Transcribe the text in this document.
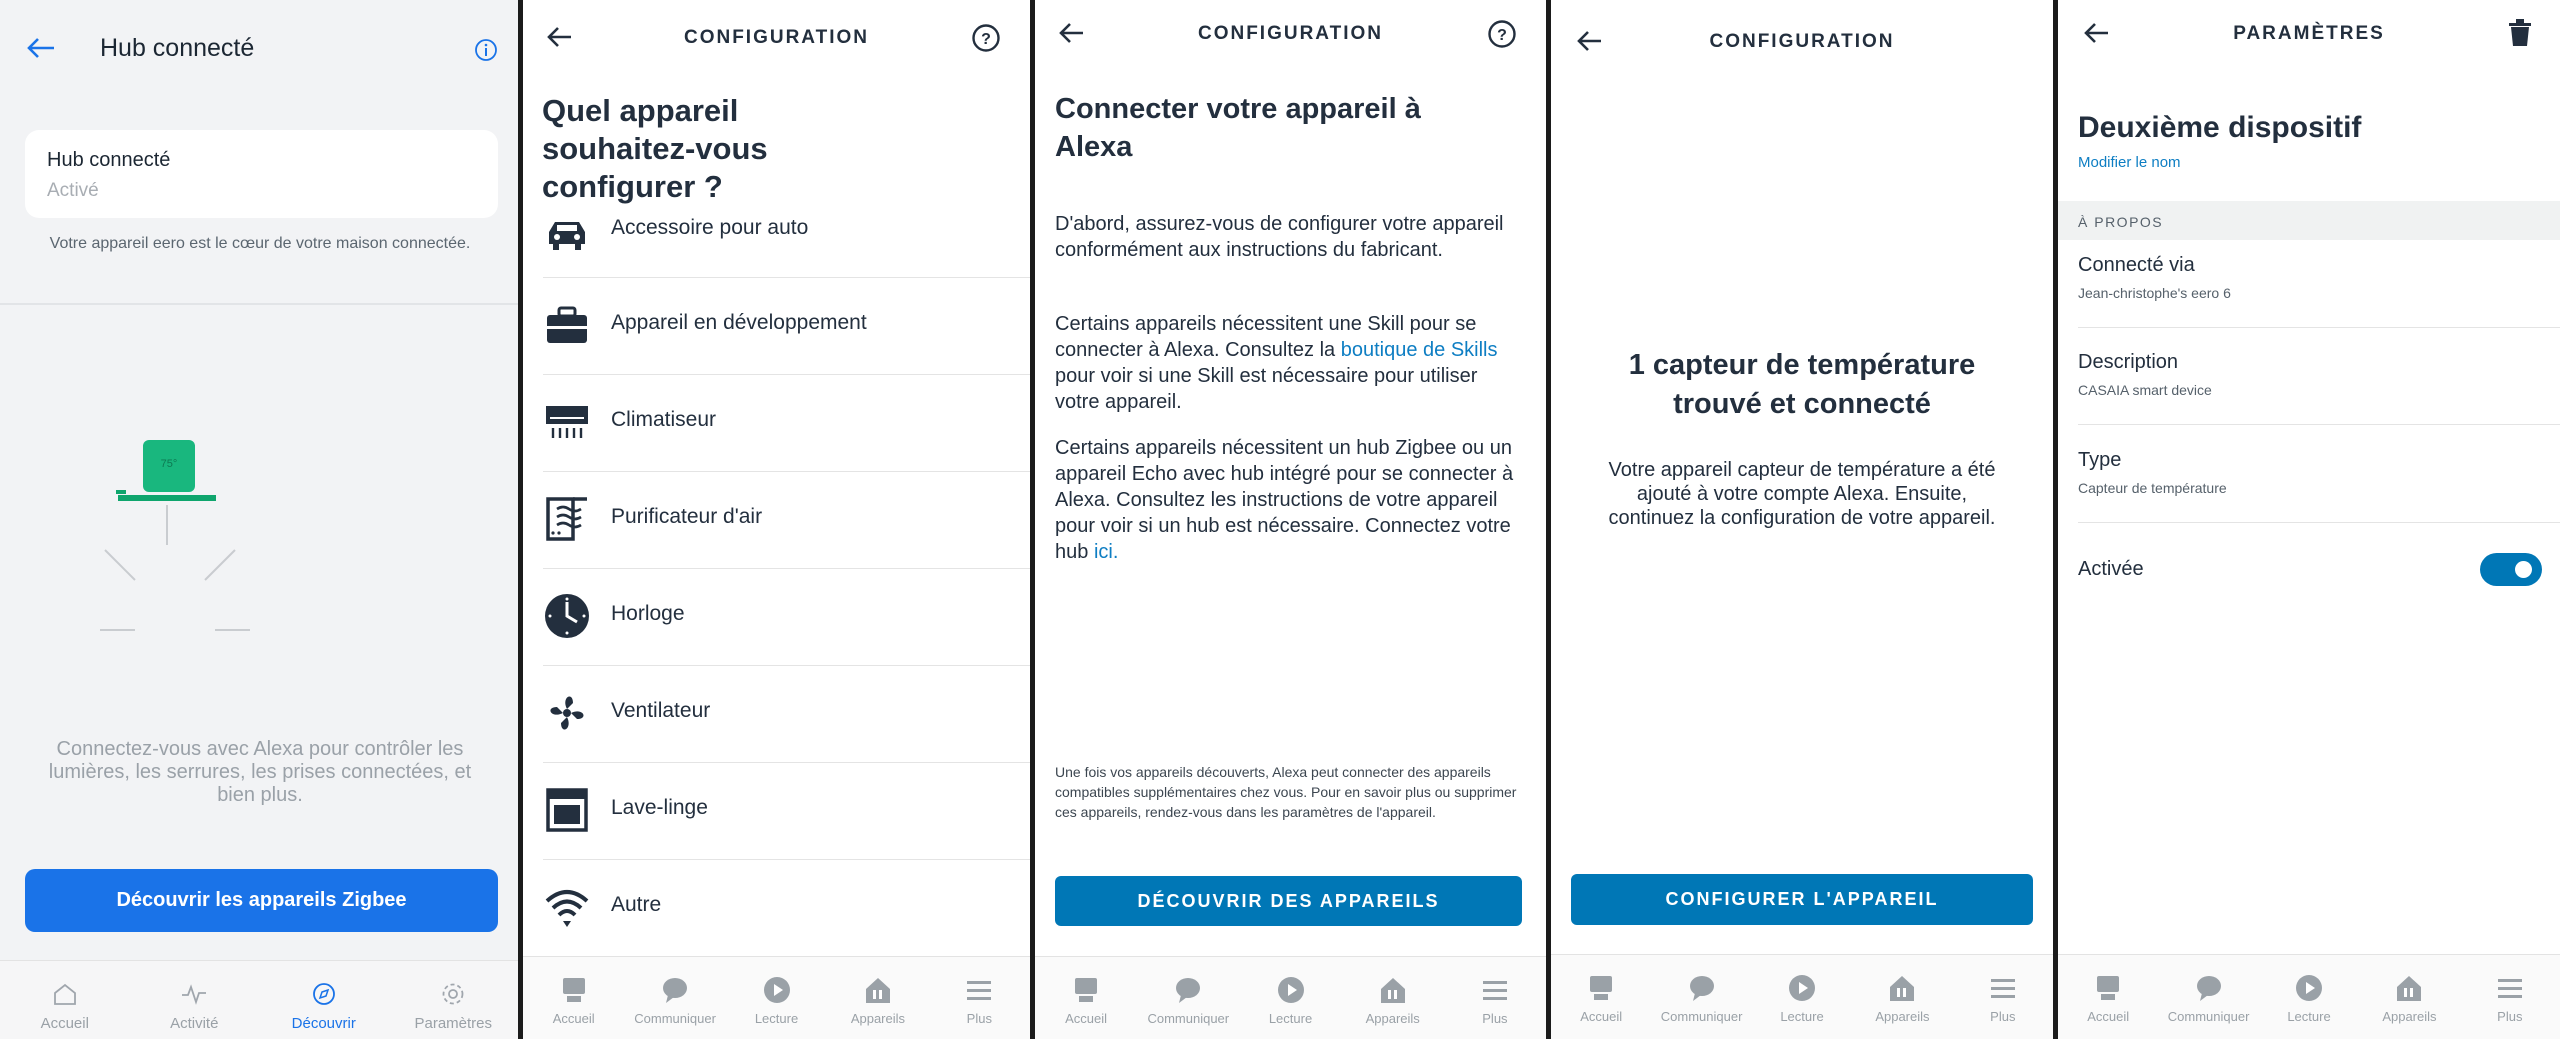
Hub connecté
Hub connecté
Activé
Votre appareil eero est le cœur de votre maison connectée.
75°
Connectez-vous avec Alexa pour contrôler les lumières, les serrures, les prises connectées, et bien plus.
Découvrir les appareils Zigbee
Accueil	Activité	Découvrir	Paramètres
CONFIGURATION	?
Quel appareil souhaitez-vous configurer ?
Accessoire pour auto
Appareil en développement
Climatiseur
Purificateur d'air
Horloge
Ventilateur
Lave-linge
Autre
Accueil	Communiquer	Lecture	Appareils	Plus
CONFIGURATION	?
Connecter votre appareil à Alexa
D'abord, assurez-vous de configurer votre appareil conformément aux instructions du fabricant.
Certains appareils nécessitent une Skill pour se connecter à Alexa. Consultez la boutique de Skills pour voir si une Skill est nécessaire pour utiliser votre appareil.
Certains appareils nécessitent un hub Zigbee ou un appareil Echo avec hub intégré pour se connecter à Alexa. Consultez les instructions de votre appareil pour voir si un hub est nécessaire. Connectez votre hub ici.
Une fois vos appareils découverts, Alexa peut connecter des appareils compatibles supplémentaires chez vous. Pour en savoir plus ou supprimer ces appareils, rendez-vous dans les paramètres de l'appareil.
DÉCOUVRIR DES APPAREILS
Accueil	Communiquer	Lecture	Appareils	Plus
CONFIGURATION
1 capteur de température trouvé et connecté
Votre appareil capteur de température a été ajouté à votre compte Alexa. Ensuite, continuez la configuration de votre appareil.
CONFIGURER L'APPAREIL
Accueil	Communiquer	Lecture	Appareils	Plus
PARAMÈTRES
Deuxième dispositif
Modifier le nom
À PROPOS
Connecté via
Jean-christophe's eero 6
Description
CASAIA smart device
Type
Capteur de température
Activée
Accueil	Communiquer	Lecture	Appareils	Plus
